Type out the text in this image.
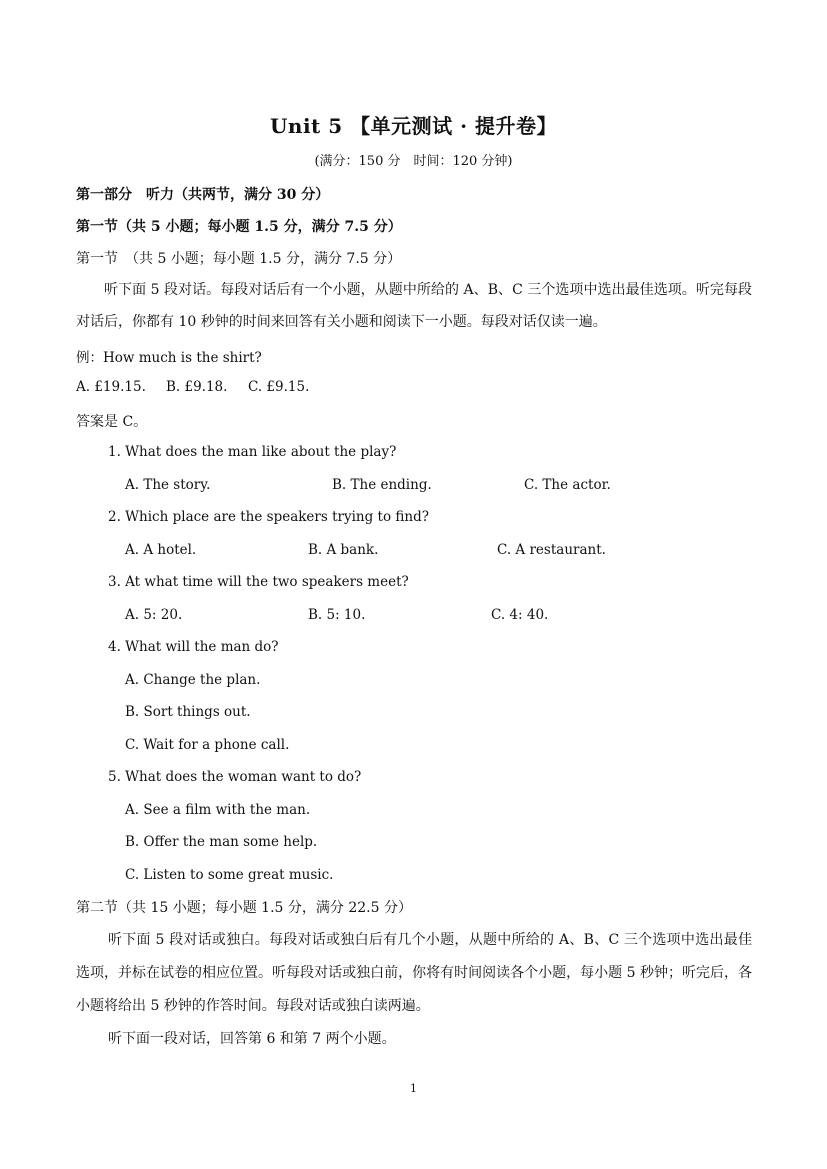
Unit 5 【单元测试 · 提升卷】
(满分：150 分　时间：120 分钟)
第一部分　听力（共两节，满分 30 分）
第一节（共 5 小题；每小题 1.5 分，满分 7.5 分）
第一节　（共 5 小题；每小题 1.5 分，满分 7.5 分）
听下面 5 段对话。每段对话后有一个小题，从题中所给的 A、B、C 三个选项中选出最佳选项。听完每段对话后，你都有 10 秒钟的时间来回答有关小题和阅读下一小题。每段对话仅读一遍。
例：How much is the shirt?
A. £19.15. B. £9.18. C. £9.15.
答案是 C。
1. What does the man like about the play?
A. The story.	B. The ending.	C. The actor.
2. Which place are the speakers trying to find?
A. A hotel.	B. A bank.	C. A restaurant.
3. At what time will the two speakers meet?
A. 5: 20.	B. 5: 10.	C. 4: 40.
4. What will the man do?
A. Change the plan.
B. Sort things out.
C. Wait for a phone call.
5. What does the woman want to do?
A. See a film with the man.
B. Offer the man some help.
C. Listen to some great music.
第二节（共 15 小题；每小题 1.5 分，满分 22.5 分）
听下面 5 段对话或独白。每段对话或独白后有几个小题，从题中所给的 A、B、C 三个选项中选出最佳选项，并标在试卷的相应位置。听每段对话或独白前，你将有时间阅读各个小题，每小题 5 秒钟；听完后，各小题将给出 5 秒钟的作答时间。每段对话或独白读两遍。
听下面一段对话，回答第 6 和第 7 两个小题。
1
